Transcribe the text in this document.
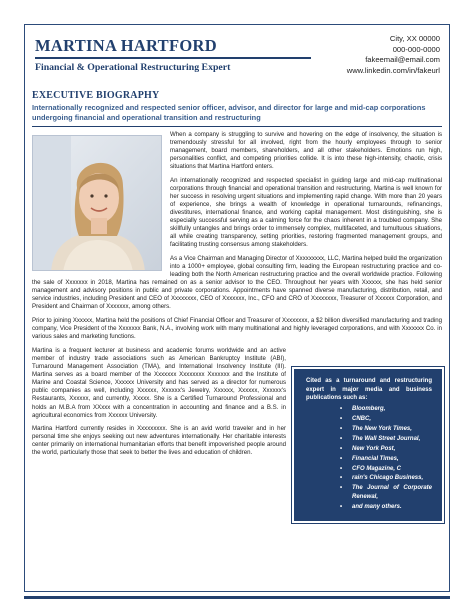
MARTINA HARTFORD
Financial & Operational Restructuring Expert
City, XX 00000
000-000-0000
fakeemail@email.com
www.linkedin.com/in/fakeurl
EXECUTIVE BIOGRAPHY
Internationally recognized and respected senior officer, advisor, and director for large and mid-cap corporations undergoing financial and operational transition and restructuring

When a company is struggling to survive and hovering on the edge of insolvency, the situation is tremendously stressful for all involved, right from the hourly employees through to senior management, board members, shareholders, and all other stakeholders. Emotions run high, personalities conflict, and competing priorities collide. It is into these high-intensity, chaotic, crisis situations that Martina Hartford enters.

An internationally recognized and respected specialist in guiding large and mid-cap multinational corporations through financial and operational transition and restructuring, Martina is well known for her success in resolving urgent situations and implementing rapid change. With more than 20 years of experience, she brings a wealth of knowledge in operational turnarounds, refinancings, divestitures, international finance, and working capital management. Most distinguishing, she is especially successful serving as a calming force for the chaos inherent in a troubled company. She skillfully untangles and brings order to immensely complex, multifaceted, and tumultuous situations, all while creating transparency, setting priorities, restoring fragmented management groups, and facilitating trusting consensus among stakeholders.

As a Vice Chairman and Managing Director of Xxxxxxxxx, LLC, Martina helped build the organization into a 1000+ employee, global consulting firm, leading the European restructuring practice and co-leading both the North American restructuring practice and the overall worldwide practice. Following the sale of Xxxxxxx in 2018, Martina has remained on as a senior advisor to the CEO. Throughout her years with Xxxxxx, she has held senior management and advisory positions in public and private corporations. Appointments have spanned diverse manufacturing, distribution, retail, and service industries, including President and CEO of Xxxxxxxx, CEO of Xxxxxxx, Inc., CFO and CRO of Xxxxxxxx, Treasurer of Xxxxxx Corporation, and President and Chairman of Xxxxxxx, among others.

Prior to joining Xxxxxx, Martina held the positions of Chief Financial Officer and Treasurer of Xxxxxxxx, a $2 billion diversified manufacturing and trading company, Vice President of the Xxxxxxx Bank, N.A., involving work with many multinational and highly leveraged corporations, and with Xxxxxxx Co. in various sales and marketing functions.

Martina is a frequent lecturer at business and academic forums worldwide and an active member of industry trade associations such as American Bankruptcy Institute (ABI), Turnaround Management Association (TMA), and International Insolvency Institute (III). Martina serves as a board member of the Xxxxxxx Xxxxxxxx Xxxxxxx and the Institute of Marine and Coastal Science, Xxxxxx University and has served as a director for numerous public companies as well, including Xxxxxx, Xxxxxx's Jewelry, Xxxxxx, Xxxxxx, Xxxxxx's Restaurants, Xxxxxx, and currently, Xxxxx. She is a Certified Turnaround Professional and holds an M.B.A from XXxxx with a concentration in accounting and finance and a B.S. in agricultural economics from Xxxxxx University.

Martina Hartford currently resides in Xxxxxxxxx. She is an avid world traveler and in her personal time she enjoys seeking out new adventures internationally. Her charitable interests center primarily on international humanitarian efforts that benefit impoverished people around the world, particularly those that seek to better the lives and education of children.

Cited as a turnaround and restructuring expert in major media and business publications such as:
• Bloomberg,
• CNBC,
• The New York Times,
• The Wall Street Journal,
• New York Post,
• Financial Times,
• CFO Magazine, C
• rain's Chicago Business,
• The Journal of Corporate Renewal,
• and many others.
